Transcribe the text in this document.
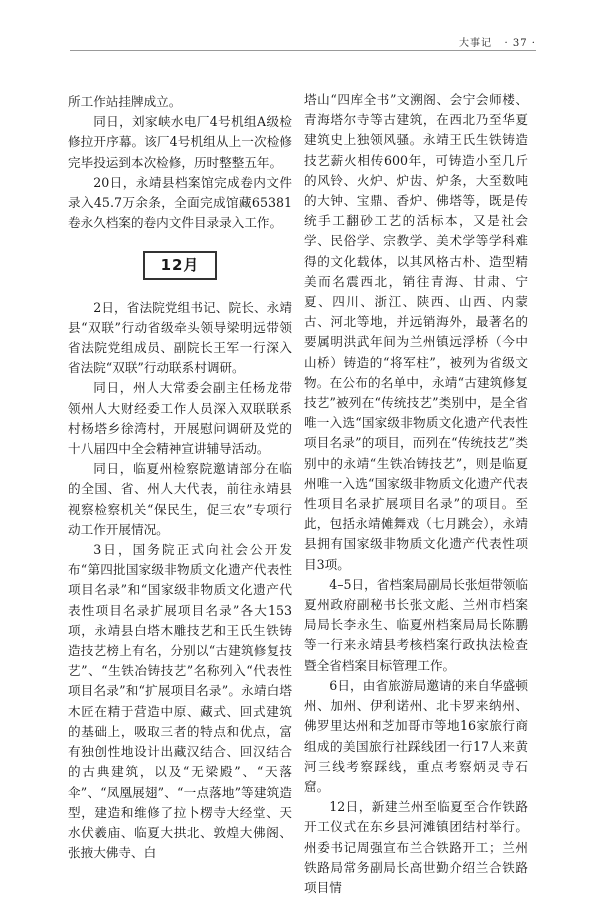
大事记 · 37 ·

所工作站挂牌成立。

同日，刘家峡水电厂4号机组A级检修拉开序幕。该厂4号机组从上一次检修完毕投运到本次检修，历时整整五年。

20日，永靖县档案馆完成卷内文件录入45.7万余条，全面完成馆藏65381卷永久档案的卷内文件目录录入工作。

12月

2日，省法院党组书记、院长、永靖县“双联”行动省级牵头领导梁明远带领省法院党组成员、副院长王军一行深入省法院“双联”行动联系村调研。

同日，州人大常委会副主任杨龙带领州人大财经委工作人员深入双联联系村杨塔乡徐湾村，开展慰问调研及党的十八届四中全会精神宣讲辅导活动。

同日，临夏州检察院邀请部分在临的全国、省、州人大代表，前往永靖县视察检察机关“保民生，促三农”专项行动工作开展情况。

3日，国务院正式向社会公开发布“第四批国家级非物质文化遗产代表性项目名录”和“国家级非物质文化遗产代表性项目名录扩展项目名录”各大153项，永靖县白塔木雕技艺和王氏生铁铸造技艺榜上有名，分别以“古建筑修复技艺”、“生铁冶铸技艺”名称列入“代表性项目名录”和“扩展项目名录”。永靖白塔木匠在精于营造中原、藏式、回式建筑的基础上，吸取三者的特点和优点，富有独创性地设计出藏汉结合、回汉结合的古典建筑，以及“无梁殿”、“天落伞”、“凤凰展翅”、“一点落地”等建筑造型，建造和维修了拉卜楞寺大经堂、天水伏羲庙、临夏大拱北、敦煌大佛阁、张掖大佛寺、白

塔山“四库全书”文溯阁、会宁会师楼、青海塔尔寺等古建筑，在西北乃至华夏建筑史上独领风骚。永靖王氏生铁铸造技艺薪火相传600年，可铸造小至几斤的风铃、火炉、炉齿、炉条，大至数吨的大钟、宝鼎、香炉、佛塔等，既是传统手工翻砂工艺的活标本，又是社会学、民俗学、宗教学、美术学等学科难得的文化载体，以其风格古朴、造型精美而名震西北，销往青海、甘肃、宁夏、四川、浙江、陕西、山西、内蒙古、河北等地，并远销海外，最著名的要属明洪武年间为兰州镇远浮桥（今中山桥）铸造的“将军柱”，被列为省级文物。在公布的名单中，永靖“古建筑修复技艺”被列在“传统技艺”类别中，是全省唯一入选“国家级非物质文化遗产代表性项目名录”的项目，而列在“传统技艺”类别中的永靖“生铁冶铸技艺”，则是临夏州唯一入选“国家级非物质文化遗产代表性项目名录扩展项目名录”的项目。至此，包括永靖傩舞戏（七月跳会），永靖县拥有国家级非物质文化遗产代表性项目3项。

4–5日，省档案局副局长张烜带领临夏州政府副秘书长张文彪、兰州市档案局局长李永生、临夏州档案局局长陈鹏等一行来永靖县考核档案行政执法检查暨全省档案目标管理工作。

6日，由省旅游局邀请的来自华盛顿州、加州、伊利诺州、北卡罗来纳州、佛罗里达州和芝加哥市等地16家旅行商组成的美国旅行社踩线团一行17人来黄河三线考察踩线，重点考察炳灵寺石窟。

12日，新建兰州至临夏至合作铁路开工仪式在东乡县河滩镇团结村举行。州委书记周强宣布兰合铁路开工；兰州铁路局常务副局长高世勤介绍兰合铁路项目情
